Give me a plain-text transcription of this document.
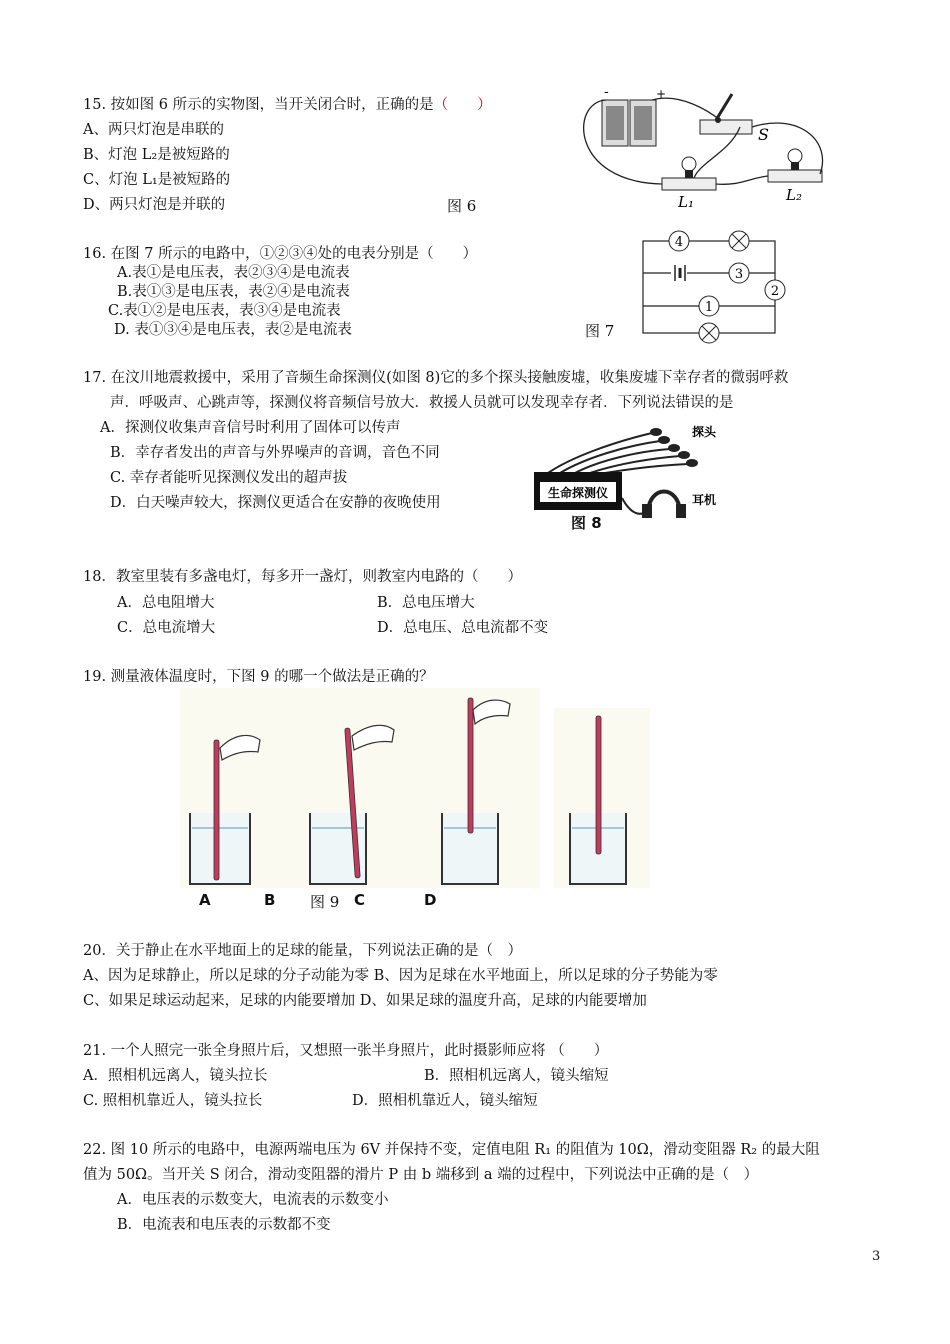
15. 按如图 6 所示的实物图，当开关闭合时，正确的是（　　）
A、两只灯泡是串联的
B、灯泡 L₂是被短路的
C、灯泡 L₁是被短路的
D、两只灯泡是并联的	图 6
-	+
S
L₁	L₂
16. 在图 7 所示的电路中，①②③④处的电表分别是（　　）
A.表①是电压表，表②③④是电流表
B.表①③是电压表，表②④是电流表
C.表①②是电压表，表③④是电流表
D. 表①③④是电压表，表②是电流表	图 7
4
3
2
1
17. 在汶川地震救援中，采用了音频生命探测仪(如图 8)它的多个探头接触废墟，收集废墟下幸存者的微弱呼救
声．呼吸声、心跳声等，探测仪将音频信号放大．救援人员就可以发现幸存者．下列说法错误的是
A．探测仪收集声音信号时利用了固体可以传声
B．幸存者发出的声音与外界噪声的音调，音色不同
C. 幸存者能听见探测仪发出的超声拔
D．白天噪声较大，探测仪更适合在安静的夜晚使用
探头
生命探测仪	耳机
图 8
18．教室里装有多盏电灯，每多开一盏灯，则教室内电路的（　　）
A．总电阻增大	B．总电压增大
C．总电流增大	D．总电压、总电流都不变
19. 测量液体温度时，下图 9 的哪一个做法是正确的？
A	B 图 9 C	D
20．关于静止在水平地面上的足球的能量，下列说法正确的是（　）
A、因为足球静止，所以足球的分子动能为零 B、因为足球在水平地面上，所以足球的分子势能为零
C、如果足球运动起来，足球的内能要增加 D、如果足球的温度升高，足球的内能要增加
21. 一个人照完一张全身照片后，又想照一张半身照片，此时摄影师应将 （　　）
A．照相机远离人，镜头拉长	B．照相机远离人，镜头缩短
C. 照相机靠近人，镜头拉长	D．照相机靠近人，镜头缩短
22. 图 10 所示的电路中，电源两端电压为 6V 并保持不变，定值电阻 R₁ 的阻值为 10Ω，滑动变阻器 R₂ 的最大阻
值为 50Ω。当开关 S 闭合，滑动变阻器的滑片 P 由 b 端移到 a 端的过程中，下列说法中正确的是（　）
A．电压表的示数变大，电流表的示数变小
B．电流表和电压表的示数都不变
3
